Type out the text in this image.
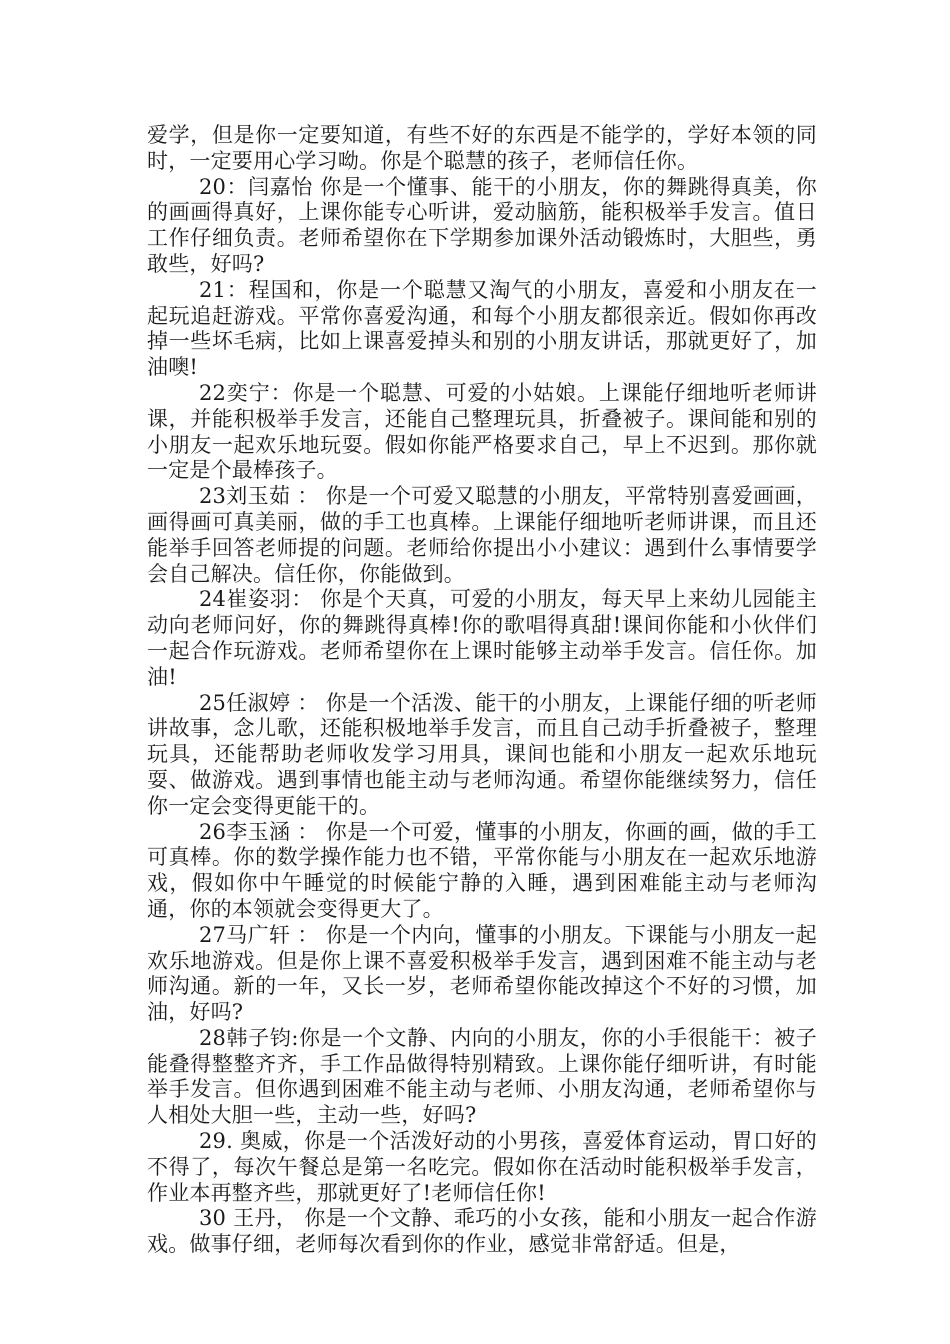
爱学，但是你一定要知道，有些不好的东西是不能学的，学好本领的同时，一定要用心学习呦。你是个聪慧的孩子，老师信任你。

20：闫嘉怡 你是一个懂事、能干的小朋友，你的舞跳得真美，你的画画得真好，上课你能专心听讲，爱动脑筋，能积极举手发言。值日工作仔细负责。老师希望你在下学期参加课外活动锻炼时，大胆些，勇敢些，好吗?

21：程国和，你是一个聪慧又淘气的小朋友，喜爱和小朋友在一起玩追赶游戏。平常你喜爱沟通，和每个小朋友都很亲近。假如你再改掉一些坏毛病，比如上课喜爱掉头和别的小朋友讲话，那就更好了，加油噢!

22奕宁：你是一个聪慧、可爱的小姑娘。上课能仔细地听老师讲课，并能积极举手发言，还能自己整理玩具，折叠被子。课间能和别的小朋友一起欢乐地玩耍。假如你能严格要求自己，早上不迟到。那你就一定是个最棒孩子。

23刘玉茹 ： 你是一个可爱又聪慧的小朋友，平常特别喜爱画画，画得画可真美丽，做的手工也真棒。上课能仔细地听老师讲课，而且还能举手回答老师提的问题。老师给你提出小小建议：遇到什么事情要学会自己解决。信任你，你能做到。

24崔姿羽： 你是个天真，可爱的小朋友，每天早上来幼儿园能主动向老师问好，你的舞跳得真棒!你的歌唱得真甜!课间你能和小伙伴们一起合作玩游戏。老师希望你在上课时能够主动举手发言。信任你。加油!

25任淑婷 ： 你是一个活泼、能干的小朋友，上课能仔细的听老师讲故事，念儿歌，还能积极地举手发言，而且自己动手折叠被子，整理玩具，还能帮助老师收发学习用具，课间也能和小朋友一起欢乐地玩耍、做游戏。遇到事情也能主动与老师沟通。希望你能继续努力，信任你一定会变得更能干的。

26李玉涵 ： 你是一个可爱，懂事的小朋友，你画的画，做的手工可真棒。你的数学操作能力也不错，平常你能与小朋友在一起欢乐地游戏，假如你中午睡觉的时候能宁静的入睡，遇到困难能主动与老师沟通，你的本领就会变得更大了。

27马广轩 ： 你是一个内向，懂事的小朋友。下课能与小朋友一起欢乐地游戏。但是你上课不喜爱积极举手发言，遇到困难不能主动与老师沟通。新的一年，又长一岁，老师希望你能改掉这个不好的习惯，加油，好吗?

28韩子钧:你是一个文静、内向的小朋友，你的小手很能干：被子能叠得整整齐齐，手工作品做得特别精致。上课你能仔细听讲，有时能举手发言。但你遇到困难不能主动与老师、小朋友沟通，老师希望你与人相处大胆一些，主动一些，好吗?

29. 奥威，你是一个活泼好动的小男孩，喜爱体育运动，胃口好的不得了，每次午餐总是第一名吃完。假如你在活动时能积极举手发言，作业本再整齐些，那就更好了!老师信任你!

30 王丹， 你是一个文静、乖巧的小女孩，能和小朋友一起合作游戏。做事仔细，老师每次看到你的作业，感觉非常舒适。但是，
